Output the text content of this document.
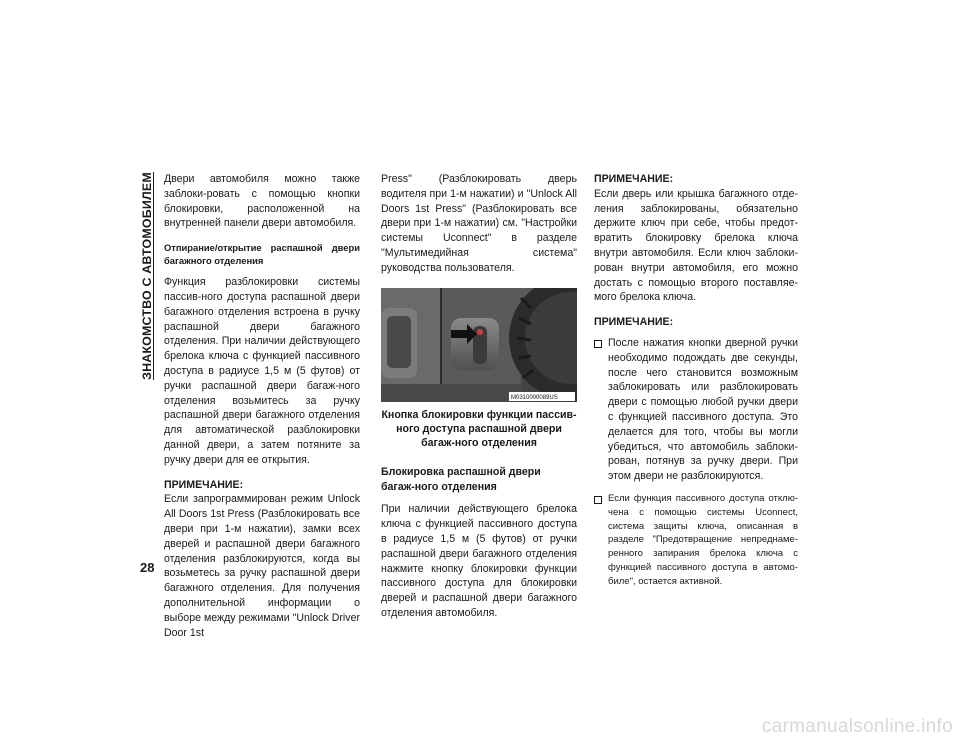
ЗНАКОМСТВО С АВТОМОБИЛЕМ
28

Двери автомобиля можно также заблоки-ровать с помощью кнопки блокировки, расположенной на внутренней панели двери автомобиля.

Отпирание/открытие распашной двери багажного отделения

Функция разблокировки системы пассив-ного доступа распашной двери багажного отделения встроена в ручку распашной двери багажного отделения. При наличии действующего брелока ключа с функцией пассивного доступа в радиусе 1,5 м (5 футов) от ручки распашной двери багаж-ного отделения возьмитесь за ручку распашной двери багажного отделения для автоматической разблокировки данной двери, а затем потяните за ручку двери для ее открытия.

ПРИМЕЧАНИЕ:

Если запрограммирован режим Unlock All Doors 1st Press (Разблокировать все двери при 1-м нажатии), замки всех дверей и распашной двери багажного отделения разблокируются, когда вы возьметесь за ручку распашной двери багажного отделения. Для получения дополнительной информации о выборе между режимами "Unlock Driver Door 1st

Press" (Разблокировать дверь водителя при 1-м нажатии) и "Unlock All Doors 1st Press" (Разблокировать все двери при 1-м нажатии) см. "Настройки системы Uconnect" в разделе "Мультимедийная система" руководства пользователя.

M0310000089US
Кнопка блокировки функции пассив-ного доступа распашной двери багаж-ного отделения
Блокировка распашной двери багаж-ного отделения

При наличии действующего брелока ключа с функцией пассивного доступа в радиусе 1,5 м (5 футов) от ручки распашной двери багажного отделения нажмите кнопку блокировки функции пассивного доступа для блокировки дверей и распашной двери багажного отделения автомобиля.

ПРИМЕЧАНИЕ:

Если дверь или крышка багажного отде-ления заблокированы, обязательно держите ключ при себе, чтобы предот-вратить блокировку брелока ключа внутри автомобиля. Если ключ заблоки-рован внутри автомобиля, его можно достать с помощью второго поставляе-мого брелока ключа.

ПРИМЕЧАНИЕ:
После нажатия кнопки дверной ручки необходимо подождать две секунды, после чего становится возможным заблокировать или разблокировать двери с помощью любой ручки двери с функцией пассивного доступа. Это делается для того, чтобы вы могли убедиться, что автомобиль заблоки-рован, потянув за ручку двери. При этом двери не разблокируются.
Если функция пассивного доступа отклю-чена с помощью системы Uconnect, система защиты ключа, описанная в разделе "Предотвращение непреднаме-ренного запирания брелока ключа с функцией пассивного доступа в автомо-биле", остается активной.
carmanualsonline.info
